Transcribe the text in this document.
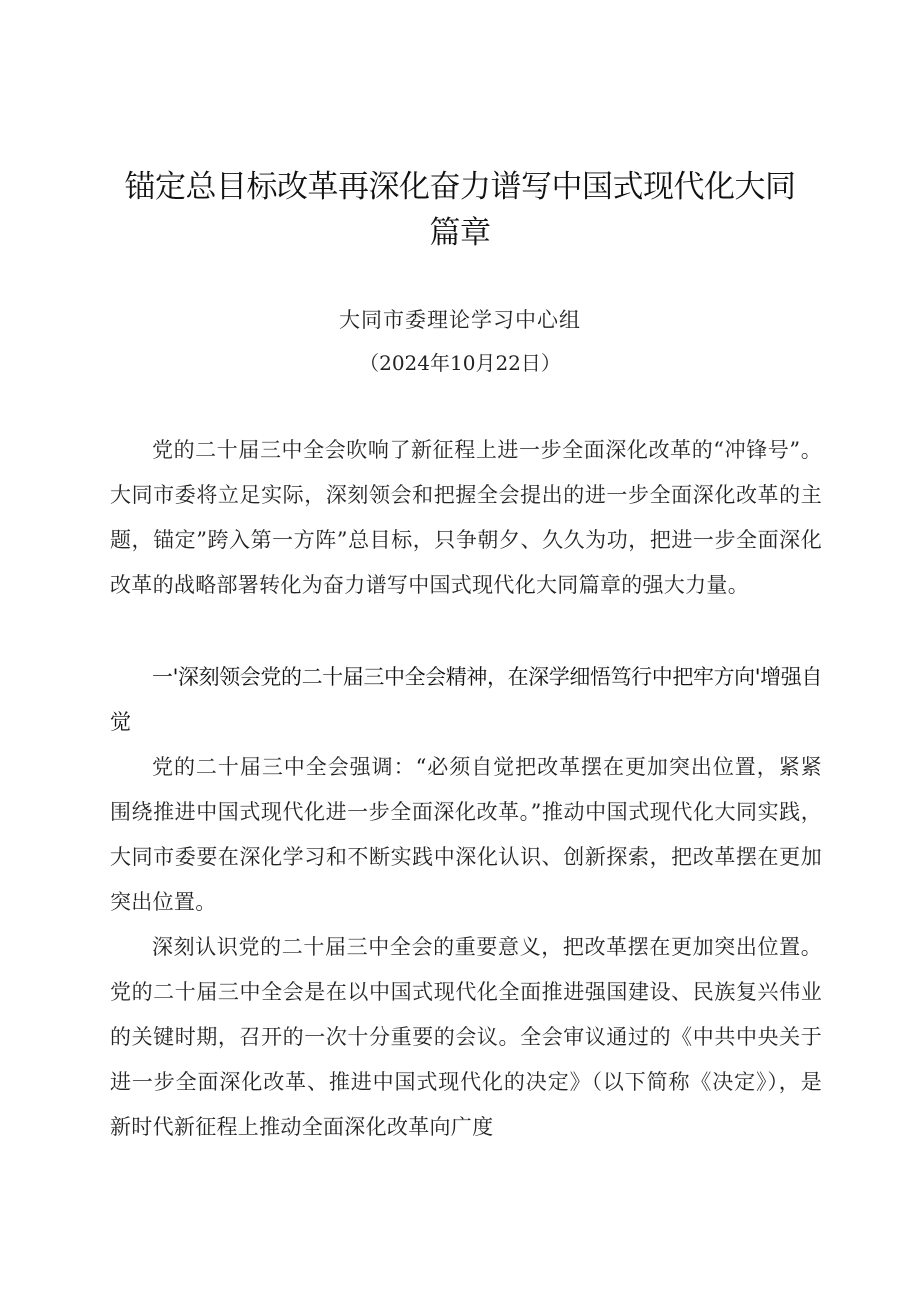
锚定总目标改革再深化奋力谱写中国式现代化大同篇章
大同市委理论学习中心组
（2024年10月22日）

党的二十届三中全会吹响了新征程上进一步全面深化改革的“冲锋号”。大同市委将立足实际，深刻领会和把握全会提出的进一步全面深化改革的主题，锚定”跨入第一方阵”总目标，只争朝夕、久久为功，把进一步全面深化改革的战略部署转化为奋力谱写中国式现代化大同篇章的强大力量。

一'深刻领会党的二十届三中全会精神，在深学细悟笃行中把牢方向'增强自觉

党的二十届三中全会强调：“必须自觉把改革摆在更加突出位置，紧紧围绕推进中国式现代化进一步全面深化改革。”推动中国式现代化大同实践，大同市委要在深化学习和不断实践中深化认识、创新探索，把改革摆在更加突出位置。

深刻认识党的二十届三中全会的重要意义，把改革摆在更加突出位置。党的二十届三中全会是在以中国式现代化全面推进强国建设、民族复兴伟业的关键时期，召开的一次十分重要的会议。全会审议通过的《中共中央关于进一步全面深化改革、推进中国式现代化的决定》（以下简称《决定》），是新时代新征程上推动全面深化改革向广度
